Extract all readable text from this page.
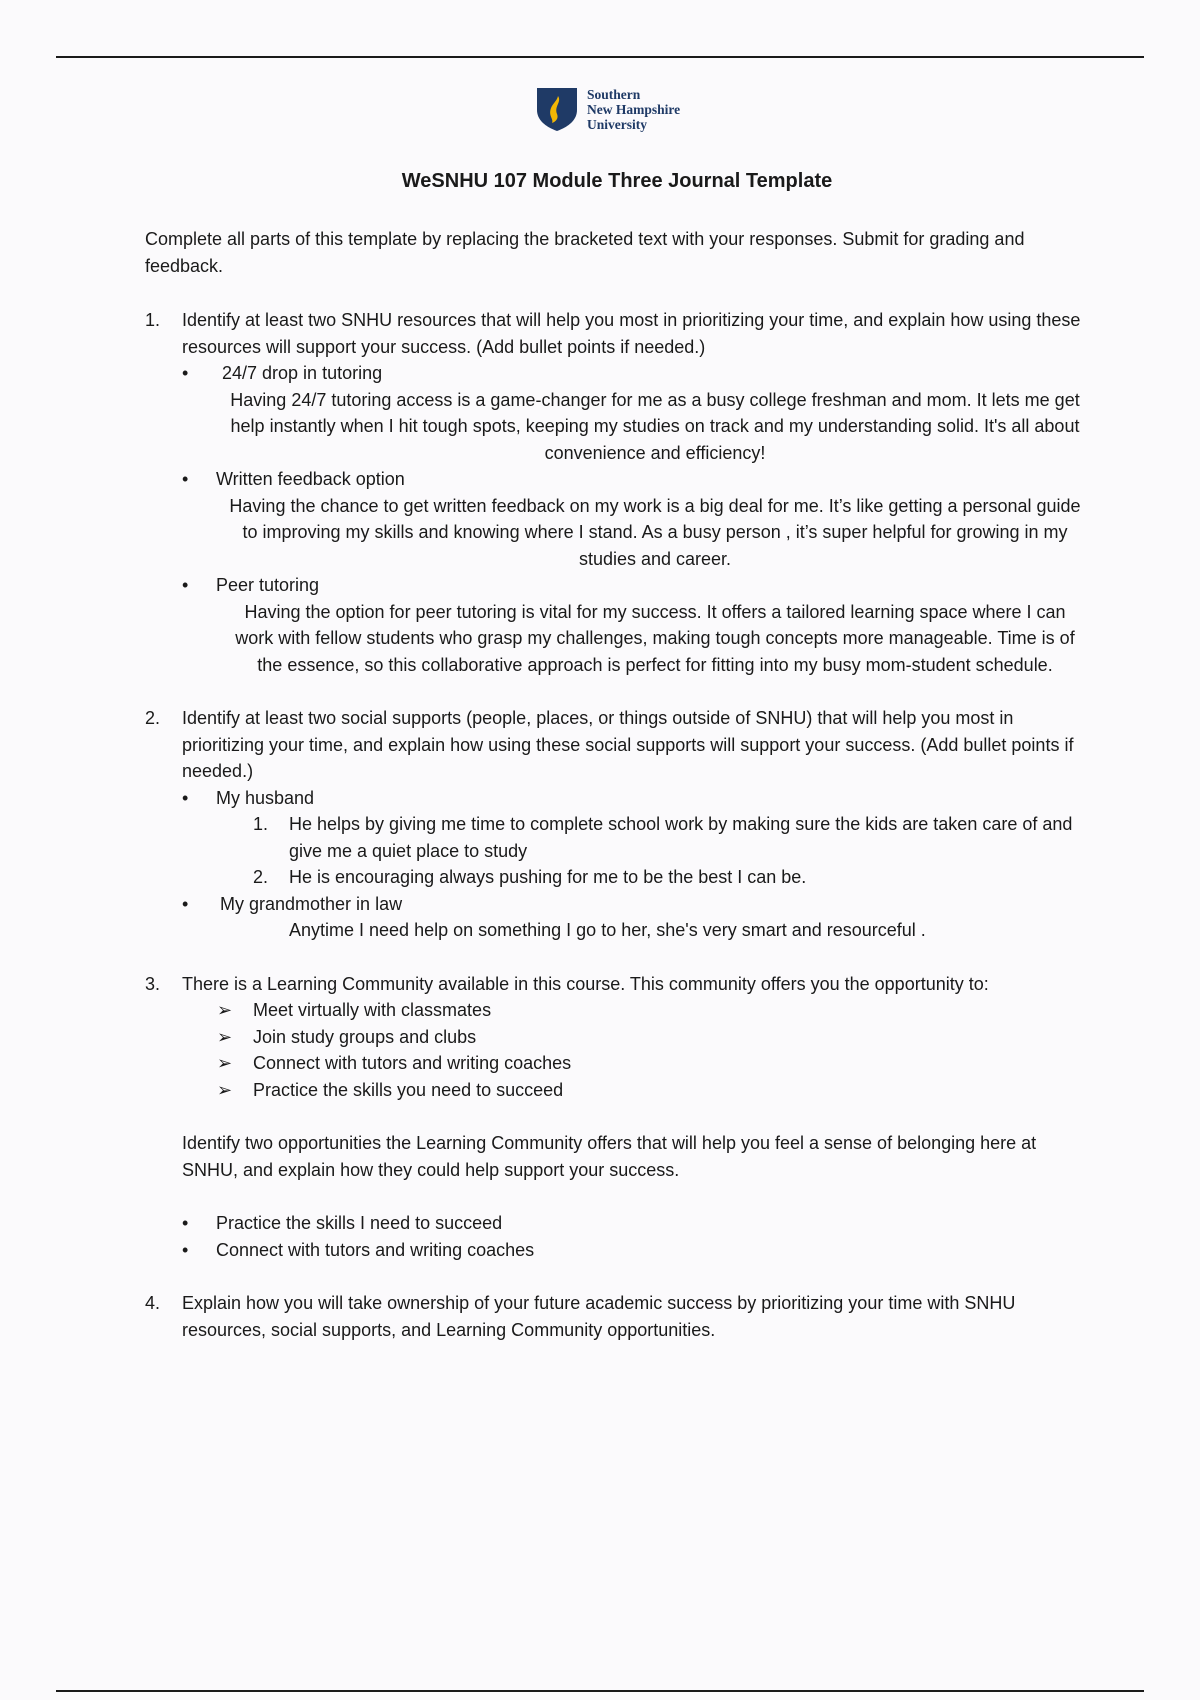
Southern
New Hampshire
University
WeSNHU 107 Module Three Journal Template

Complete all parts of this template by replacing the bracketed text with your responses. Submit for grading and feedback.

1.	Identify at least two SNHU resources that will help you most in prioritizing your time, and explain how using these resources will support your success. (Add bullet points if needed.)
•	24/7 drop in tutoring

Having 24/7 tutoring access is a game-changer for me as a busy college freshman and mom. It lets me get help instantly when I hit tough spots, keeping my studies on track and my understanding solid. It's all about convenience and efficiency!

•	Written feedback option

Having the chance to get written feedback on my work is a big deal for me. It’s like getting a personal guide to improving my skills and knowing where I stand. As a busy person , it’s super helpful for growing in my studies and career.

•	Peer tutoring

Having the option for peer tutoring is vital for my success. It offers a tailored learning space where I can work with fellow students who grasp my challenges, making tough concepts more manageable. Time is of the essence, so this collaborative approach is perfect for fitting into my busy mom-student schedule.

2.	Identify at least two social supports (people, places, or things outside of SNHU) that will help you most in prioritizing your time, and explain how using these social supports will support your success. (Add bullet points if needed.)
•	My husband
1.	He helps by giving me time to complete school work by making sure the kids are taken care of and give me a quiet place to study
2.	He is encouraging always pushing for me to be the best I can be.
•	My grandmother in law

Anytime I need help on something I go to her, she's very smart and resourceful .

3.	There is a Learning Community available in this course. This community offers you the opportunity to:
➢	Meet virtually with classmates
➢	Join study groups and clubs
➢	Connect with tutors and writing coaches
➢	Practice the skills you need to succeed

Identify two opportunities the Learning Community offers that will help you feel a sense of belonging here at SNHU, and explain how they could help support your success.

•	Practice the skills I need to succeed
•	Connect with tutors and writing coaches
4.	Explain how you will take ownership of your future academic success by prioritizing your time with SNHU resources, social supports, and Learning Community opportunities.
